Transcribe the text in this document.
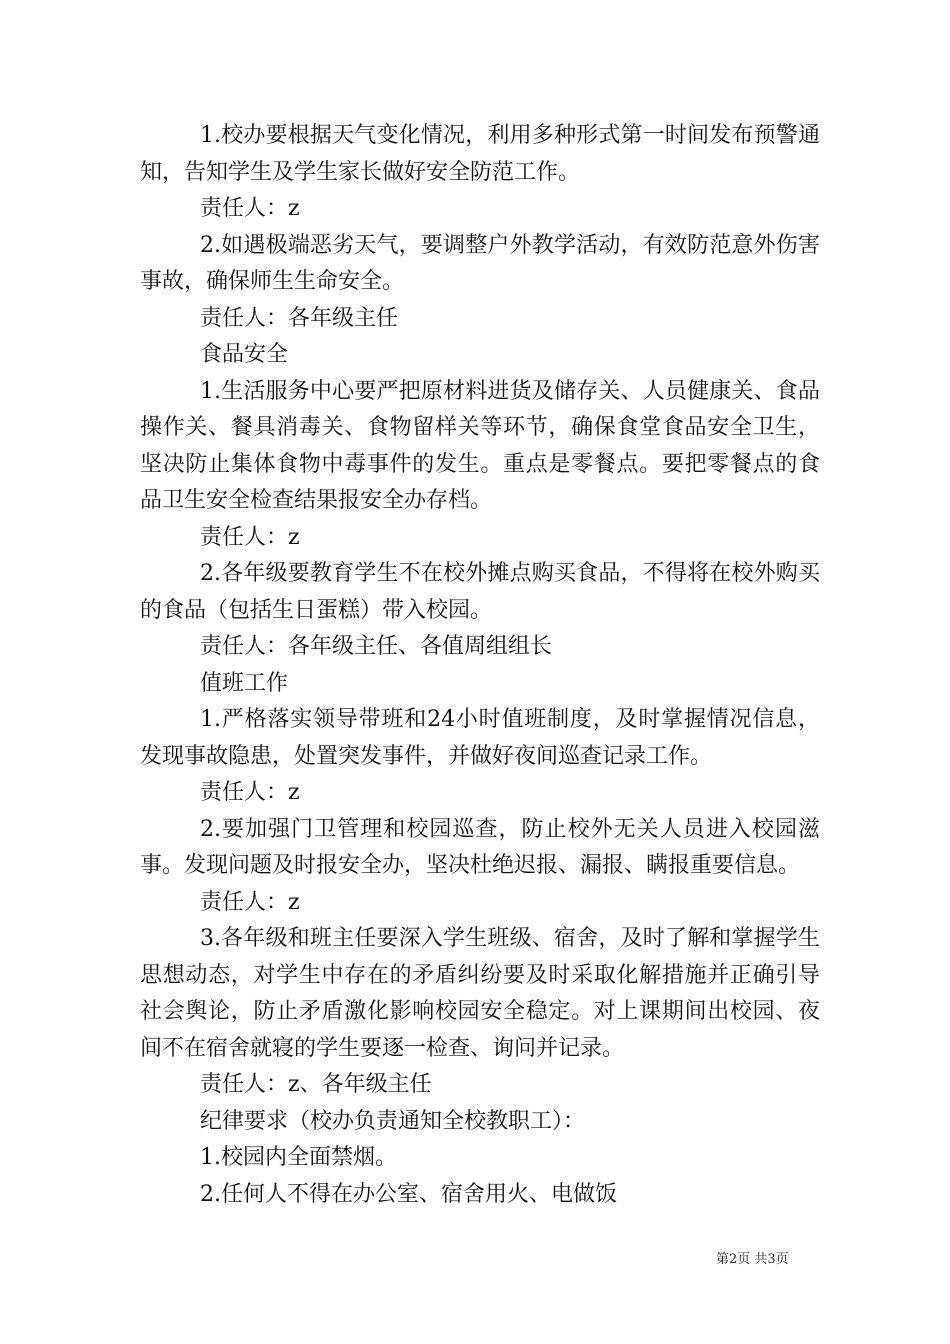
1.校办要根据天气变化情况，利用多种形式第一时间发布预警通知，告知学生及学生家长做好安全防范工作。

责任人：z

2.如遇极端恶劣天气，要调整户外教学活动，有效防范意外伤害事故，确保师生生命安全。

责任人：各年级主任

食品安全

1.生活服务中心要严把原材料进货及储存关、人员健康关、食品操作关、餐具消毒关、食物留样关等环节，确保食堂食品安全卫生，坚决防止集体食物中毒事件的发生。重点是零餐点。要把零餐点的食品卫生安全检查结果报安全办存档。

责任人：z

2.各年级要教育学生不在校外摊点购买食品，不得将在校外购买的食品（包括生日蛋糕）带入校园。

责任人：各年级主任、各值周组组长

值班工作

1.严格落实领导带班和24小时值班制度，及时掌握情况信息，发现事故隐患，处置突发事件，并做好夜间巡查记录工作。

责任人：z

2.要加强门卫管理和校园巡查，防止校外无关人员进入校园滋事。发现问题及时报安全办，坚决杜绝迟报、漏报、瞒报重要信息。

责任人：z

3.各年级和班主任要深入学生班级、宿舍，及时了解和掌握学生思想动态，对学生中存在的矛盾纠纷要及时采取化解措施并正确引导社会舆论，防止矛盾激化影响校园安全稳定。对上课期间出校园、夜间不在宿舍就寝的学生要逐一检查、询问并记录。

责任人：z、各年级主任

纪律要求（校办负责通知全校教职工）：

1.校园内全面禁烟。

2.任何人不得在办公室、宿舍用火、电做饭

第2页 共3页
